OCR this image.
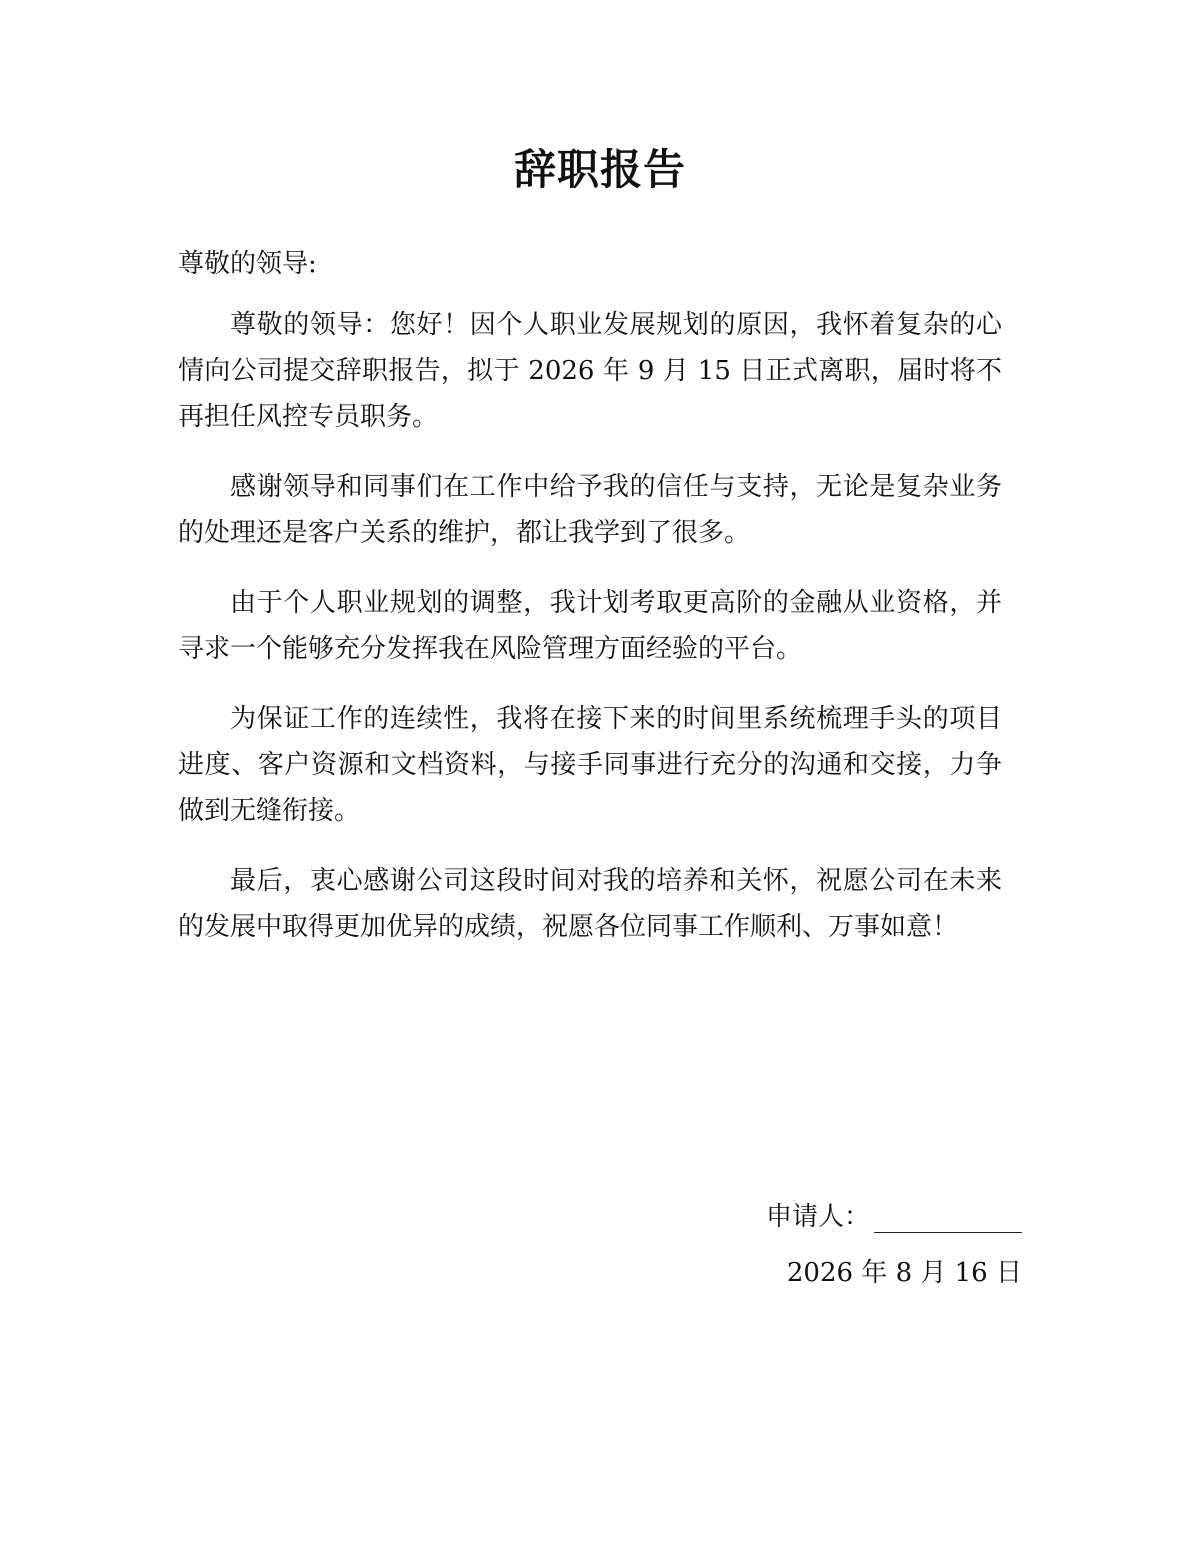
辞职报告
尊敬的领导:

尊敬的领导：您好！因个人职业发展规划的原因，我怀着复杂的心情向公司提交辞职报告，拟于 2026 年 9 月 15 日正式离职，届时将不再担任风控专员职务。

感谢领导和同事们在工作中给予我的信任与支持，无论是复杂业务的处理还是客户关系的维护，都让我学到了很多。

由于个人职业规划的调整，我计划考取更高阶的金融从业资格，并寻求一个能够充分发挥我在风险管理方面经验的平台。

为保证工作的连续性，我将在接下来的时间里系统梳理手头的项目进度、客户资源和文档资料，与接手同事进行充分的沟通和交接，力争做到无缝衔接。

最后，衷心感谢公司这段时间对我的培养和关怀，祝愿公司在未来的发展中取得更加优异的成绩，祝愿各位同事工作顺利、万事如意！

申请人：
2026 年 8 月 16 日
